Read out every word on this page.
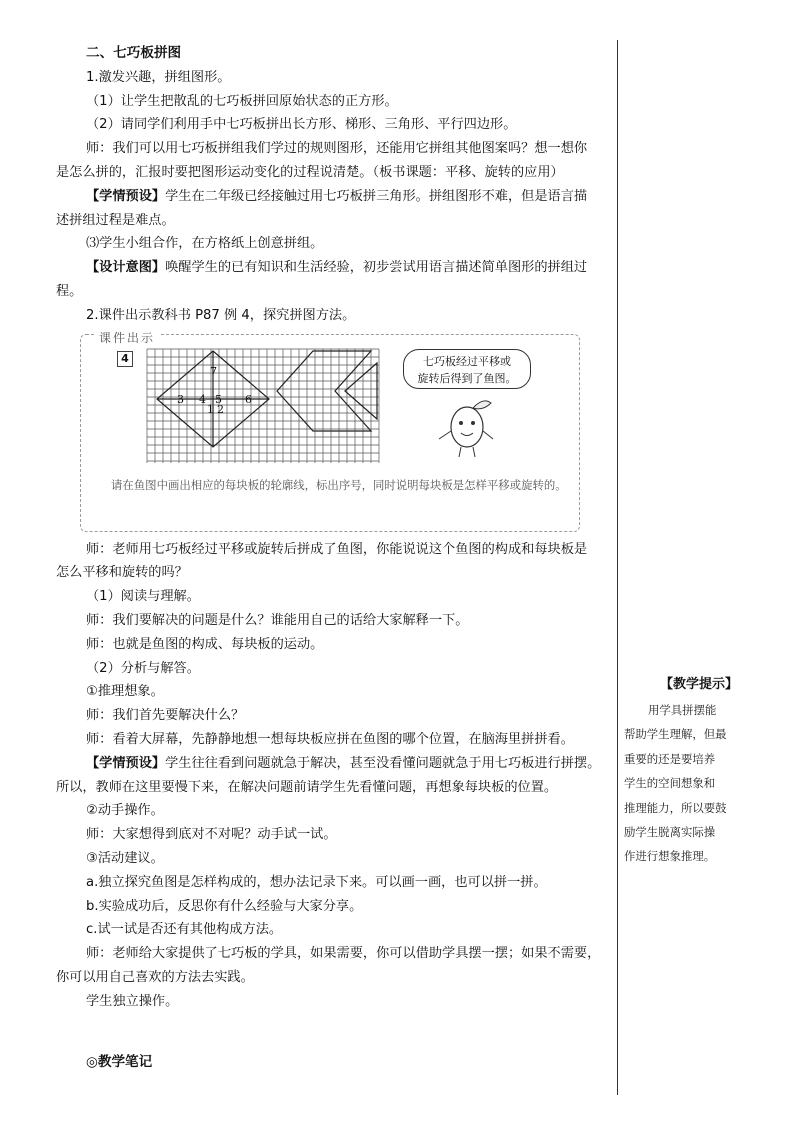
二、七巧板拼图
1.激发兴趣，拼组图形。
（1）让学生把散乱的七巧板拼回原始状态的正方形。
（2）请同学们利用手中七巧板拼出长方形、梯形、三角形、平行四边形。
师：我们可以用七巧板拼组我们学过的规则图形，还能用它拼组其他图案吗？想一想你
是怎么拼的，汇报时要把图形运动变化的过程说清楚。（板书课题：平移、旋转的应用）
【学情预设】学生在二年级已经接触过用七巧板拼三角形。拼组图形不难，但是语言描
述拼组过程是难点。
⑶学生小组合作，在方格纸上创意拼组。
【设计意图】唤醒学生的已有知识和生活经验，初步尝试用语言描述简单图形的拼组过
程。
2.课件出示教科书 P87 例 4，探究拼图方法。
课件出示
4
7
3 4 5 6
1 2
七巧板经过平移或
旋转后得到了鱼图。
请在鱼图中画出相应的每块板的轮廓线，标出序号，同时说明每块板是怎样平移或旋转的。
师：老师用七巧板经过平移或旋转后拼成了鱼图，你能说说这个鱼图的构成和每块板是
怎么平移和旋转的吗？
（1）阅读与理解。
师：我们要解决的问题是什么？谁能用自己的话给大家解释一下。
师：也就是鱼图的构成、每块板的运动。
（2）分析与解答。
①推理想象。
师：我们首先要解决什么？
师：看着大屏幕，先静静地想一想每块板应拼在鱼图的哪个位置，在脑海里拼拼看。
【学情预设】学生往往看到问题就急于解决，甚至没看懂问题就急于用七巧板进行拼摆。
所以，教师在这里要慢下来，在解决问题前请学生先看懂问题，再想象每块板的位置。
②动手操作。
师：大家想得到底对不对呢？动手试一试。
③活动建议。
a.独立探究鱼图是怎样构成的，想办法记录下来。可以画一画，也可以拼一拼。
b.实验成功后，反思你有什么经验与大家分享。
c.试一试是否还有其他构成方法。
师：老师给大家提供了七巧板的学具，如果需要，你可以借助学具摆一摆；如果不需要，
你可以用自己喜欢的方法去实践。
学生独立操作。
◎教学笔记
【教学提示】
用学具拼摆能
帮助学生理解，但最
重要的还是要培养
学生的空间想象和
推理能力，所以要鼓
励学生脱离实际操
作进行想象推理。
